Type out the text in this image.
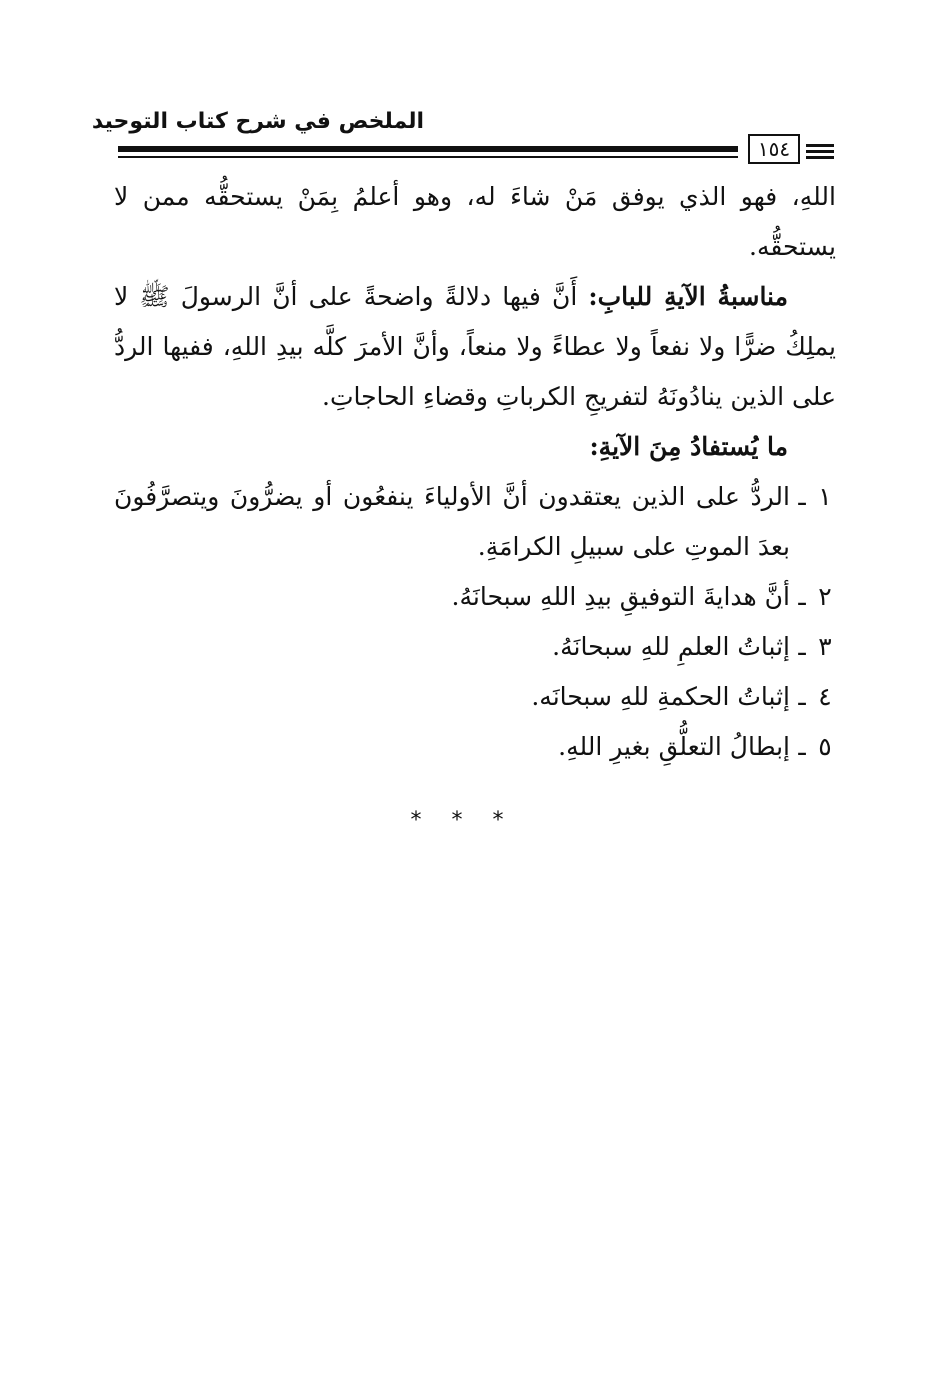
الملخص في شرح كتاب التوحيد
١٥٤

اللهِ، فهو الذي يوفق مَنْ شاءَ له، وهو أعلمُ بِمَنْ يستحقُّه ممن لا يستحقُّه.

مناسبةُ الآيةِ للبابِ: أَنَّ فيها دلالةً واضحةً على أنَّ الرسولَ ﷺ لا يملِكُ ضرًّا ولا نفعاً ولا عطاءً ولا منعاً، وأنَّ الأمرَ كلَّه بيدِ اللهِ، ففيها الردُّ على الذين ينادُونَهُ لتفريجِ الكرباتِ وقضاءِ الحاجاتِ.

ما يُستفادُ مِنَ الآيةِ:

١
ـ
الردُّ على الذين يعتقدون أنَّ الأولياءَ ينفعُون أو يضرُّونَ ويتصرَّفُونَ بعدَ الموتِ على سبيلِ الكرامَةِ.
٢
ـ
أنَّ هدايةَ التوفيقِ بيدِ اللهِ سبحانَهُ.
٣
ـ
إثباتُ العلمِ للهِ سبحانَهُ.
٤
ـ
إثباتُ الحكمةِ للهِ سبحانَه.
٥
ـ
إبطالُ التعلُّقِ بغيرِ اللهِ.
***
